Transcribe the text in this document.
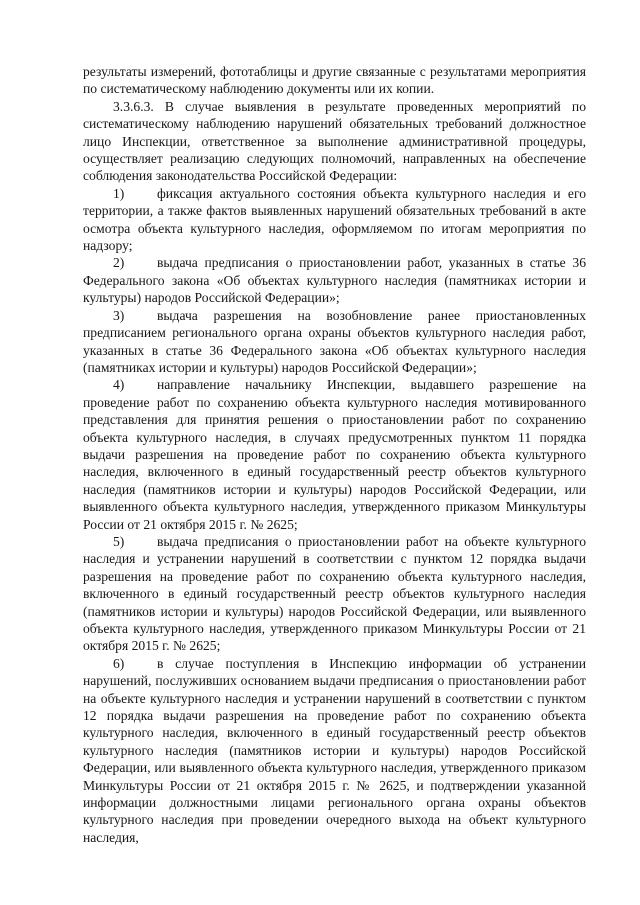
результаты измерений, фототаблицы и другие связанные с результатами мероприятия по систематическому наблюдению документы или их копии.

3.3.6.3. В случае выявления в результате проведенных мероприятий по систематическому наблюдению нарушений обязательных требований должностное лицо Инспекции, ответственное за выполнение административной процедуры, осуществляет реализацию следующих полномочий, направленных на обеспечение соблюдения законодательства Российской Федерации:

1) фиксация актуального состояния объекта культурного наследия и его территории, а также фактов выявленных нарушений обязательных требований в акте осмотра объекта культурного наследия, оформляемом по итогам мероприятия по надзору;

2) выдача предписания о приостановлении работ, указанных в статье 36 Федерального закона «Об объектах культурного наследия (памятниках истории и культуры) народов Российской Федерации»;

3) выдача разрешения на возобновление ранее приостановленных предписанием регионального органа охраны объектов культурного наследия работ, указанных в статье 36 Федерального закона «Об объектах культурного наследия (памятниках истории и культуры) народов Российской Федерации»;

4) направление начальнику Инспекции, выдавшего разрешение на проведение работ по сохранению объекта культурного наследия мотивированного представления для принятия решения о приостановлении работ по сохранению объекта культурного наследия, в случаях предусмотренных пунктом 11 порядка выдачи разрешения на проведение работ по сохранению объекта культурного наследия, включенного в единый государственный реестр объектов культурного наследия (памятников истории и культуры) народов Российской Федерации, или выявленного объекта культурного наследия, утвержденного приказом Минкультуры России от 21 октября 2015 г. № 2625;

5) выдача предписания о приостановлении работ на объекте культурного наследия и устранении нарушений в соответствии с пунктом 12 порядка выдачи разрешения на проведение работ по сохранению объекта культурного наследия, включенного в единый государственный реестр объектов культурного наследия (памятников истории и культуры) народов Российской Федерации, или выявленного объекта культурного наследия, утвержденного приказом Минкультуры России от 21 октября 2015 г. № 2625;

6) в случае поступления в Инспекцию информации об устранении нарушений, послуживших основанием выдачи предписания о приостановлении работ на объекте культурного наследия и устранении нарушений в соответствии с пунктом 12 порядка выдачи разрешения на проведение работ по сохранению объекта культурного наследия, включенного в единый государственный реестр объектов культурного наследия (памятников истории и культуры) народов Российской Федерации, или выявленного объекта культурного наследия, утвержденного приказом Минкультуры России от 21 октября 2015 г. № 2625, и подтверждении указанной информации должностными лицами регионального органа охраны объектов культурного наследия при проведении очередного выхода на объект культурного наследия,
